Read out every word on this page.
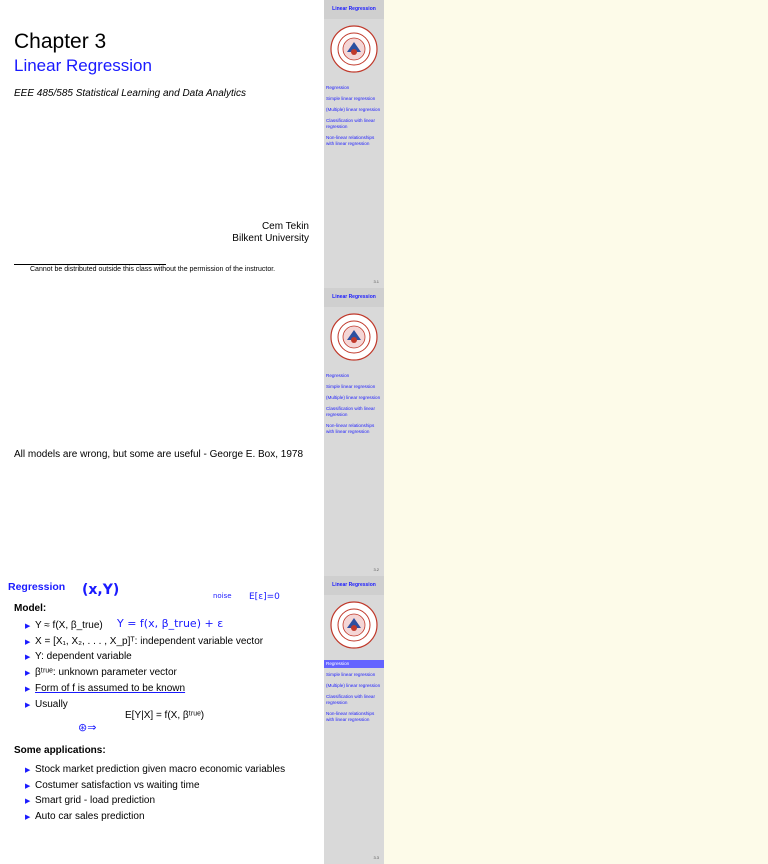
Chapter 3
Linear Regression
EEE 485/585 Statistical Learning and Data Analytics
Cem Tekin
Bilkent University
Cannot be distributed outside this class without the permission of the instructor.
Linear Regression
Regression
Simple linear regression
(Multiple) linear regression
Classification with linear regression
Non-linear relationships with linear regression
3.1
All models are wrong, but some are useful - George E. Box, 1978
Linear Regression
Regression
Simple linear regression
(Multiple) linear regression
Classification with linear regression
Non-linear relationships with linear regression
3.2
Regression (x,Y)	noise E[ε]=0
Y = f(x, β_true) + ε
⊛⇒
Model:
▶ Y ≈ f(X, β_true)
▶ X = [X₁, X₂, . . . , X_p]ᵀ: independent variable vector
▶ Y: dependent variable
▶ βᵗʳᵘᵉ: unknown parameter vector
▶ Form of f is assumed to be known
▶ Usually
E[Y|X] = f(X, βᵗʳᵘᵉ)
Some applications:
▶ Stock market prediction given macro economic variables
▶ Costumer satisfaction vs waiting time
▶ Smart grid - load prediction
▶ Auto car sales prediction
Linear Regression
Regression
Simple linear regression
(Multiple) linear regression
Classification with linear regression
Non-linear relationships with linear regression
3.3
